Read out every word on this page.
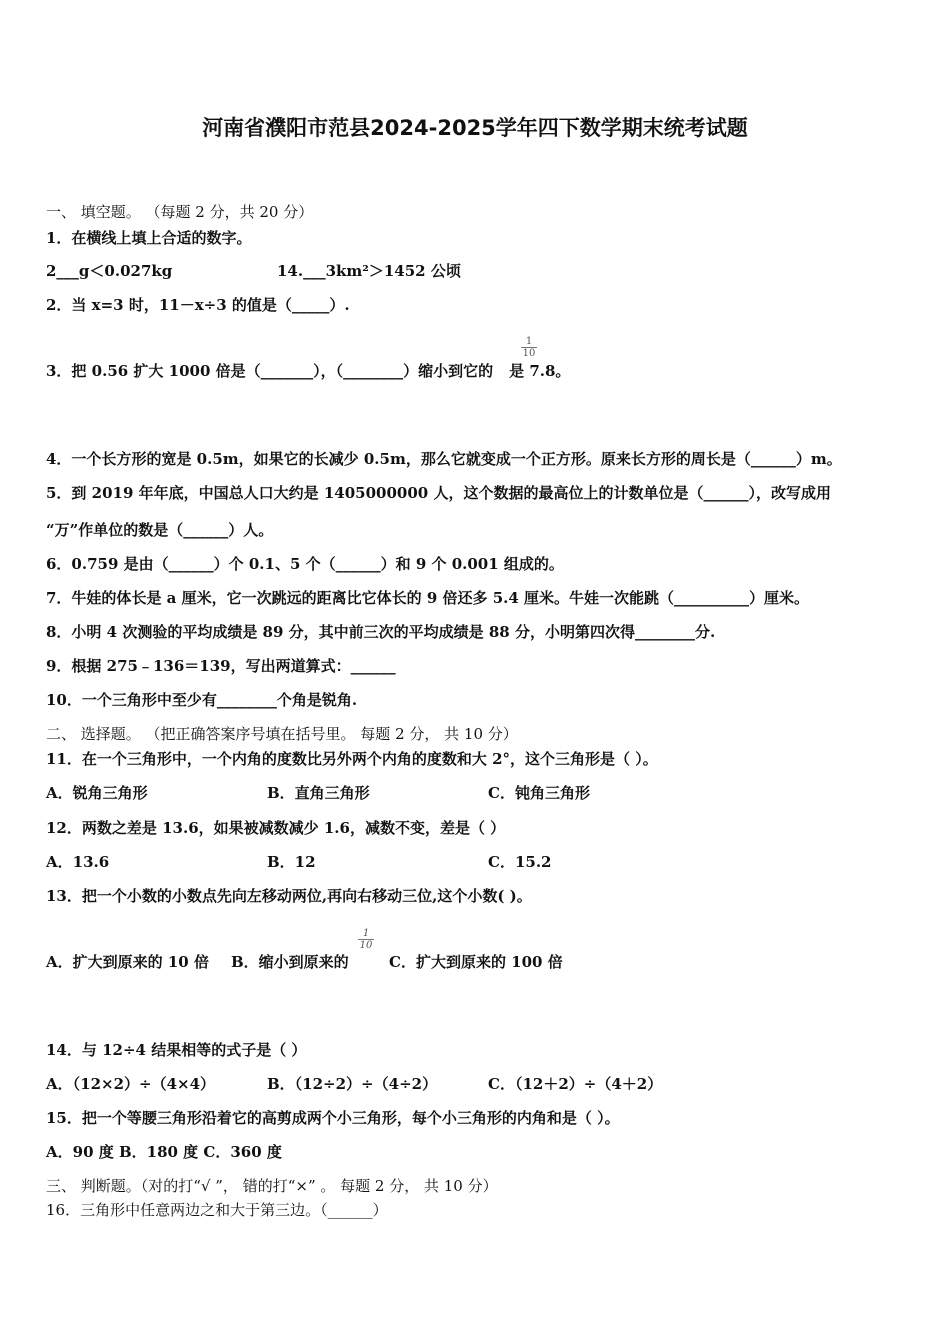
河南省濮阳市范县2024-2025学年四下数学期末统考试题
一、 填空题。 （每题 2 分，共 20 分）
1．在横线上填上合适的数字。
2___g＜0.027kg	14.___3km²＞1452 公顷
2．当 x=3 时，11－x÷3 的值是（_____）.
3．把 0.56 扩大 1000 倍是（_______），（________）缩小到它的 是 7.8。
$\frac{1}{10}$
4．一个长方形的宽是 0.5m，如果它的长减少 0.5m，那么它就变成一个正方形。原来长方形的周长是（______）m。
5．到 2019 年年底，中国总人口大约是 1405000000 人，这个数据的最高位上的计数单位是（______），改写成用
“万”作单位的数是（______）人。
6．0.759 是由（______）个 0.1、5 个（______）和 9 个 0.001 组成的。
7．牛娃的体长是 a 厘米，它一次跳远的距离比它体长的 9 倍还多 5.4 厘米。牛娃一次能跳（__________）厘米。
8．小明 4 次测验的平均成绩是 89 分，其中前三次的平均成绩是 88 分，小明第四次得________分.
9．根据 275﹣136＝139，写出两道算式：______
10．一个三角形中至少有________个角是锐角.
二、 选择题。 （把正确答案序号填在括号里。 每题 2 分， 共 10 分）
11．在一个三角形中，一个内角的度数比另外两个内角的度数和大 2°，这个三角形是（ ）。
A．锐角三角形	B．直角三角形	C．钝角三角形
12．两数之差是 13.6，如果被减数减少 1.6，减数不变，差是（ ）
A．13.6	B．12	C．15.2
13．把一个小数的小数点先向左移动两位,再向右移动三位,这个小数( )。
A．扩大到原来的 10 倍 B．缩小到原来的	C．扩大到原来的 100 倍
$\frac{1}{10}$
14．与 12÷4 结果相等的式子是（ ）
A．（12×2）÷（4×4）	B．（12÷2）÷（4÷2）	C．（12＋2）÷（4＋2）
15．把一个等腰三角形沿着它的高剪成两个小三角形，每个小三角形的内角和是（ ）。
A．90 度 B．180 度 C．360 度
三、 判断题。（对的打“√ ”， 错的打“×” 。 每题 2 分， 共 10 分）
16．三角形中任意两边之和大于第三边。（______）
